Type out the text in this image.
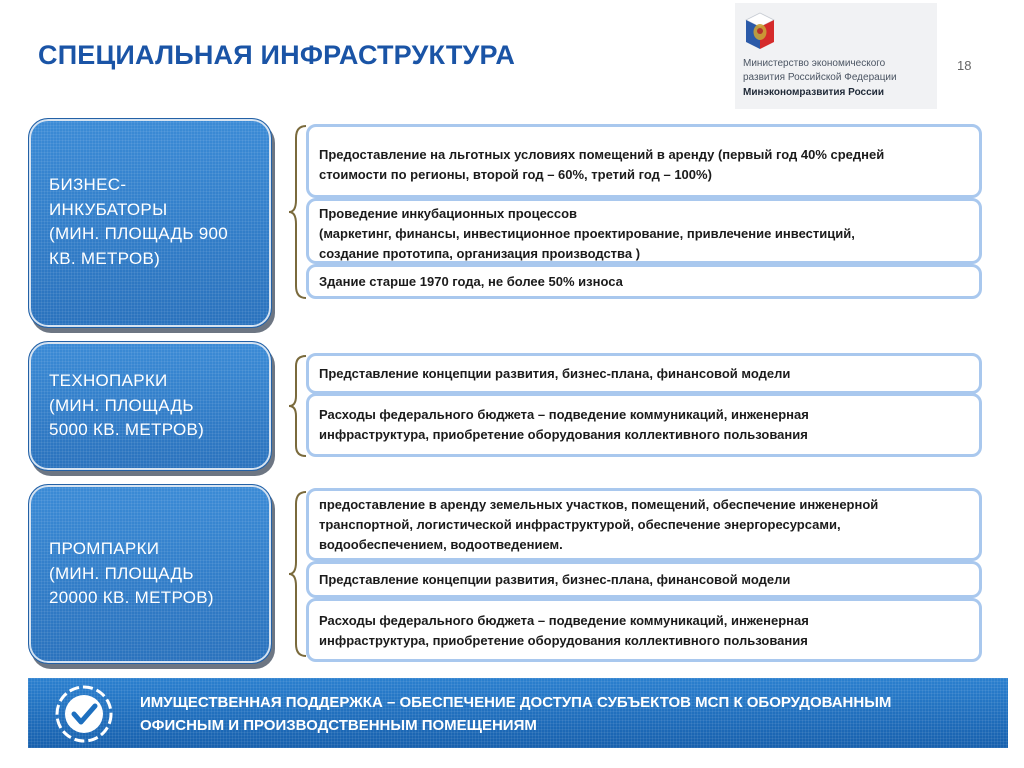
СПЕЦИАЛЬНАЯ ИНФРАСТРУКТУРА	Министерство экономического
развития Российской Федерации
Минэкономразвития России
18
БИЗНЕС-
ИНКУБАТОРЫ
(МИН. ПЛОЩАДЬ 900
КВ. МЕТРОВ)
Предоставление на льготных условиях помещений в аренду (первый год 40% средней
стоимости по регионы, второй год – 60%, третий год – 100%)
Проведение инкубационных процессов
(маркетинг, финансы, инвестиционное проектирование, привлечение инвестиций,
создание прототипа, организация производства )
Здание старше 1970 года, не более 50% износа
ТЕХНОПАРКИ
(МИН. ПЛОЩАДЬ
5000 КВ. МЕТРОВ)
Представление концепции развития, бизнес-плана, финансовой модели
Расходы федерального бюджета – подведение коммуникаций, инженерная
инфраструктура, приобретение оборудования коллективного пользования
ПРОМПАРКИ
(МИН. ПЛОЩАДЬ
20000 КВ. МЕТРОВ)
предоставление в аренду земельных участков, помещений, обеспечение инженерной
транспортной, логистической инфраструктурой, обеспечение энергоресурсами,
водообеспечением, водоотведением.
Представление концепции развития, бизнес-плана, финансовой модели
Расходы федерального бюджета – подведение коммуникаций, инженерная
инфраструктура, приобретение оборудования коллективного пользования
ИМУЩЕСТВЕННАЯ ПОДДЕРЖКА – ОБЕСПЕЧЕНИЕ ДОСТУПА СУБЪЕКТОВ МСП К ОБОРУДОВАННЫМ
ОФИСНЫМ И ПРОИЗВОДСТВЕННЫМ ПОМЕЩЕНИЯМ
